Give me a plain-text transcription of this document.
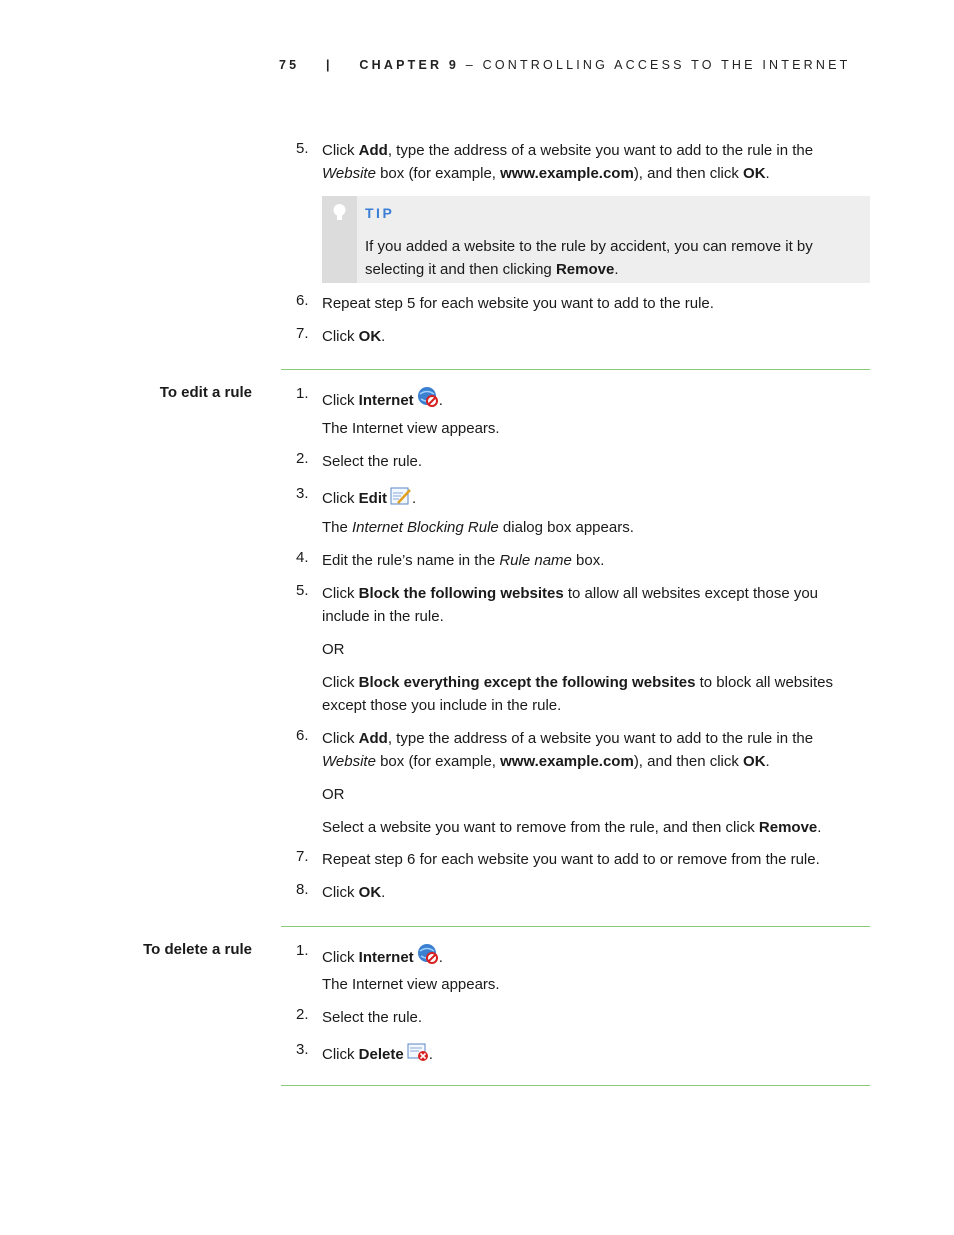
75 | CHAPTER 9 – CONTROLLING ACCESS TO THE INTERNET
5. Click Add, type the address of a website you want to add to the rule in the Website box (for example, www.example.com), and then click OK.
TIP
If you added a website to the rule by accident, you can remove it by selecting it and then clicking Remove.
6. Repeat step 5 for each website you want to add to the rule.
7. Click OK.
To edit a rule	1. Click Internet .
The Internet view appears.
2. Select the rule.
3. Click Edit .
The Internet Blocking Rule dialog box appears.
4. Edit the rule’s name in the Rule name box.
5. Click Block the following websites to allow all websites except those you include in the rule.
OR
Click Block everything except the following websites to block all websites except those you include in the rule.
6. Click Add, type the address of a website you want to add to the rule in the Website box (for example, www.example.com), and then click OK.
OR
Select a website you want to remove from the rule, and then click Remove.
7. Repeat step 6 for each website you want to add to or remove from the rule.
8. Click OK.
To delete a rule	1. Click Internet .
The Internet view appears.
2. Select the rule.
3. Click Delete .
